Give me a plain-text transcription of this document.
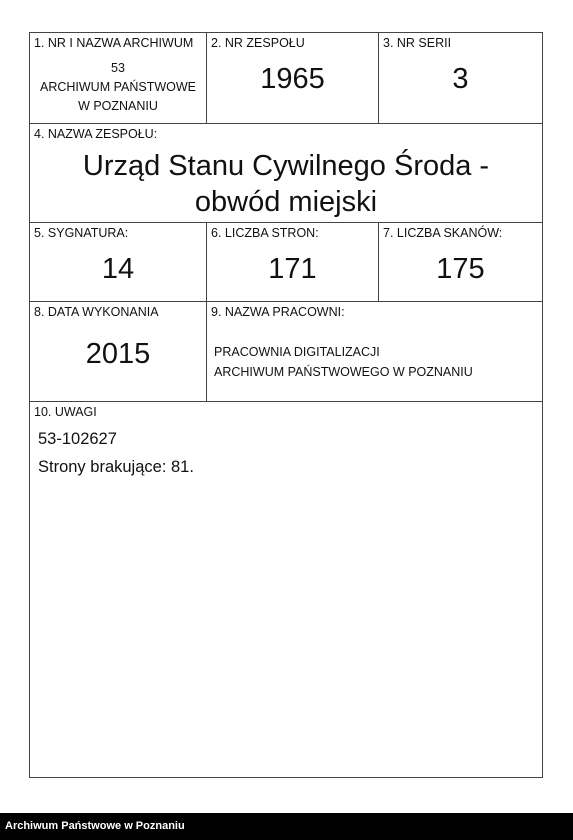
1. NR I NAZWA ARCHIWUM
53
ARCHIWUM PAŃSTWOWE
W POZNANIU
2. NR ZESPOŁU
1965
3. NR SERII
3
4. NAZWA ZESPOŁU:
Urząd Stanu Cywilnego Środa -
obwód miejski
5. SYGNATURA:
14
6. LICZBA STRON:
171
7. LICZBA SKANÓW:
175
8. DATA WYKONANIA
2015
9. NAZWA PRACOWNI:
PRACOWNIA DIGITALIZACJI
ARCHIWUM PAŃSTWOWEGO W POZNANIU
10. UWAGI
53-102627
Strony brakujące: 81.
Archiwum Państwowe w Poznaniu
